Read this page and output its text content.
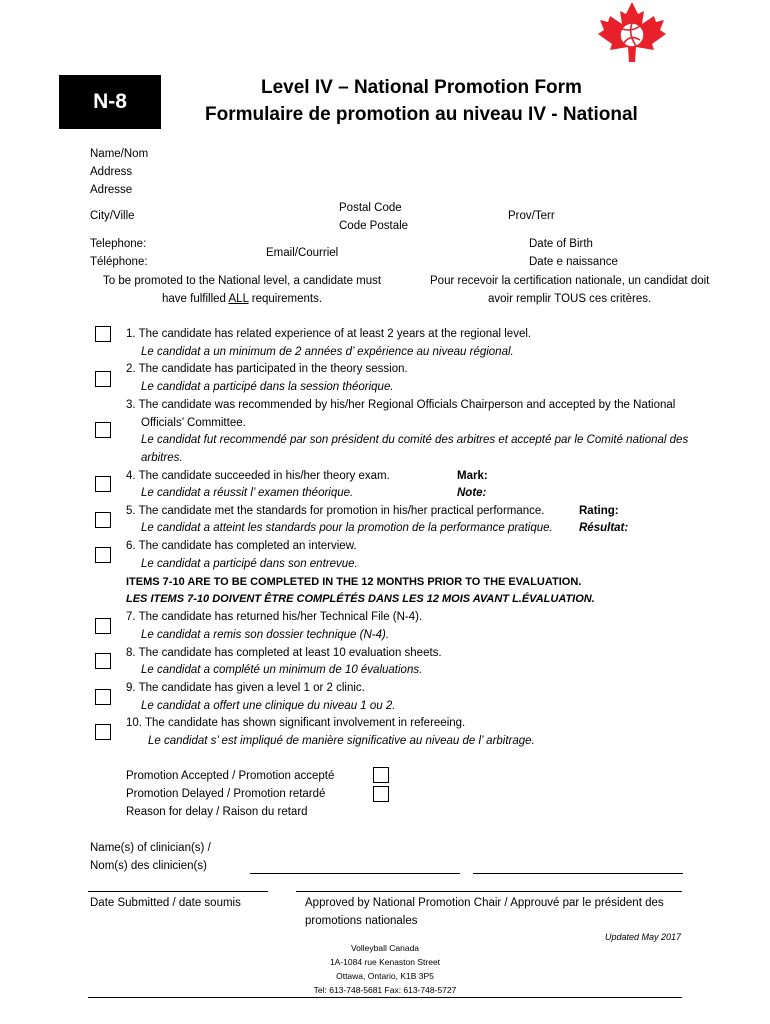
N-8
Level IV – National Promotion Form
Formulaire de promotion au niveau IV - National
Name/Nom
Address
Adresse
City/Ville
Postal Code
Code Postale
Prov/Terr
Telephone:
Téléphone:
Email/Courriel
Date of Birth
Date e naissance
To be promoted to the National level, a candidate must
have fulfilled ALL requirements.
Pour recevoir la certification nationale, un candidat doit
avoir remplir TOUS ces critères.
1. The candidate has related experience of at least 2 years at the regional level.
Le candidat a un minimum de 2 années d’ expérience au niveau régional.
2. The candidate has participated in the theory session.
Le candidat a participé dans la session théorique.
3. The candidate was recommended by his/her Regional Officials Chairperson and accepted by the National
Officials’ Committee.
Le candidat fut recommendé par son président du comité des arbitres et accepté par le Comité national des
arbitres.
4. The candidate succeeded in his/her theory exam.
Le candidat a réussit l’ examen théorique.
Mark:
Note:
5. The candidate met the standards for promotion in his/her practical performance.
Le candidat a atteint les standards pour la promotion de la performance pratique.
Rating:
Résultat:
6. The candidate has completed an interview.
Le candidat a participé dans son entrevue.
ITEMS 7-10 ARE TO BE COMPLETED IN THE 12 MONTHS PRIOR TO THE EVALUATION.
LES ITEMS 7-10 DOIVENT ÊTRE COMPLÉTÉS DANS LES 12 MOIS AVANT L.ÉVALUATION.
7. The candidate has returned his/her Technical File (N-4).
Le candidat a remis son dossier technique (N-4).
8. The candidate has completed at least 10 evaluation sheets.
Le candidat a complété un minimum de 10 évaluations.
9. The candidate has given a level 1 or 2 clinic.
Le candidat a offert une clinique du niveau 1 ou 2.
10. The candidate has shown significant involvement in refereeing.
Le candidat s’ est impliqué de manière significative au niveau de l’ arbitrage.
Promotion Accepted / Promotion accepté
Promotion Delayed / Promotion retardé
Reason for delay / Raison du retard
Name(s) of clinician(s) /
Nom(s) des clinicien(s)
Date Submitted / date soumis	Approved by National Promotion Chair / Approuvé par le président des
promotions nationales
Updated May 2017
Volleyball Canada
1A-1084 rue Kenaston Street
Ottawa, Ontario, K1B 3P5
Tel: 613-748-5681 Fax: 613-748-5727
